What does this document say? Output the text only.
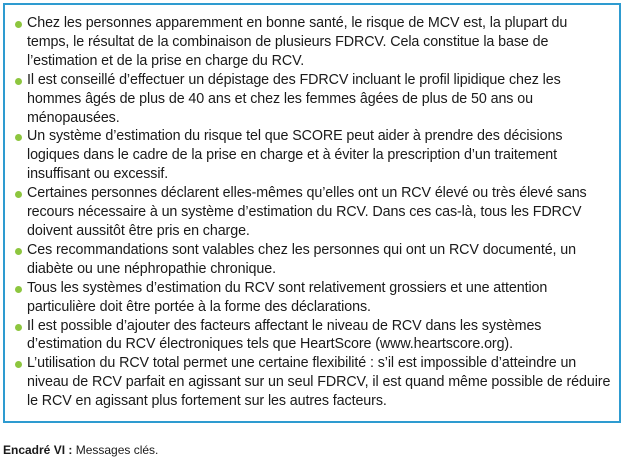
Chez les personnes apparemment en bonne santé, le risque de MCV est, la plupart du temps, le résultat de la combinaison de plusieurs FDRCV. Cela constitue la base de l’estimation et de la prise en charge du RCV.
Il est conseillé d’effectuer un dépistage des FDRCV incluant le profil lipidique chez les hommes âgés de plus de 40 ans et chez les femmes âgées de plus de 50 ans ou ménopausées.
Un système d’estimation du risque tel que SCORE peut aider à prendre des décisions logiques dans le cadre de la prise en charge et à éviter la prescription d’un traitement insuffisant ou excessif.
Certaines personnes déclarent elles-mêmes qu’elles ont un RCV élevé ou très élevé sans recours nécessaire à un système d’estimation du RCV. Dans ces cas-là, tous les FDRCV doivent aussitôt être pris en charge.
Ces recommandations sont valables chez les personnes qui ont un RCV documenté, un diabète ou une néphropathie chronique.
Tous les systèmes d’estimation du RCV sont relativement grossiers et une attention particulière doit être portée à la forme des déclarations.
Il est possible d’ajouter des facteurs affectant le niveau de RCV dans les systèmes d’estimation du RCV électroniques tels que HeartScore (www.heartscore.org).
L’utilisation du RCV total permet une certaine flexibilité : s’il est impossible d’atteindre un niveau de RCV parfait en agissant sur un seul FDRCV, il est quand même possible de réduire le RCV en agissant plus fortement sur les autres facteurs.
Encadré VI : Messages clés.
